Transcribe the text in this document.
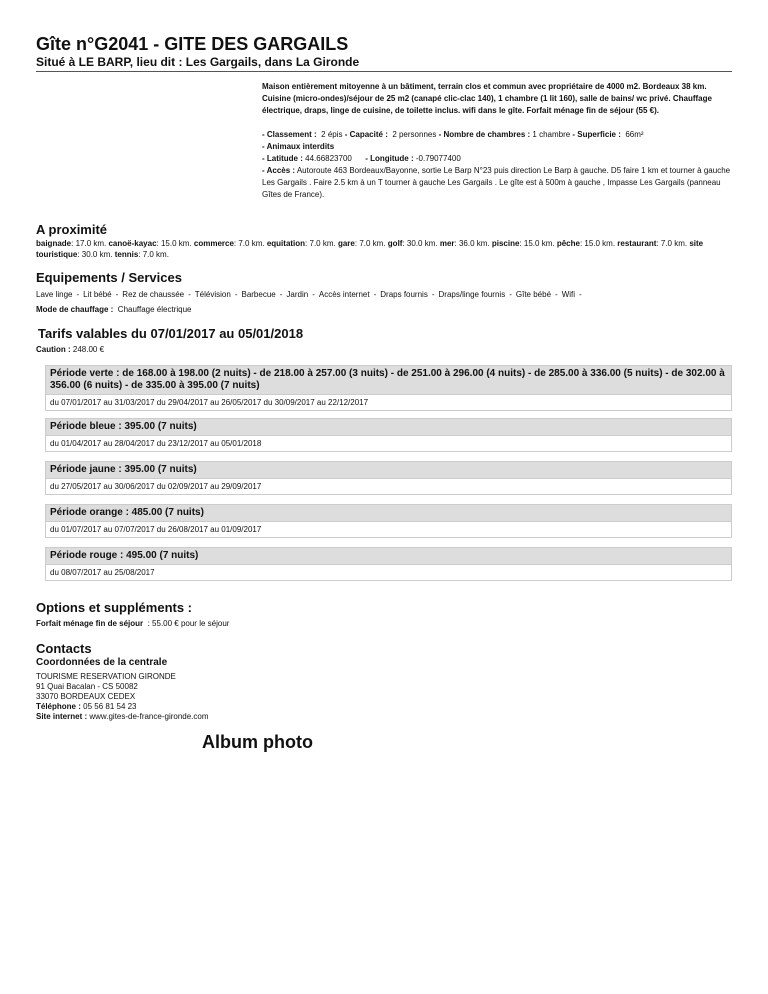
Gîte n°G2041 - GITE DES GARGAILS

Situé à LE BARP, lieu dit : Les Gargails, dans La Gironde

Maison entièrement mitoyenne à un bâtiment, terrain clos et commun avec propriétaire de 4000 m2. Bordeaux 38 km. Cuisine (micro-ondes)/séjour de 25 m2 (canapé clic-clac 140), 1 chambre (1 lit 160), salle de bains/ wc privé. Chauffage électrique, draps, linge de cuisine, de toilette inclus. wifi dans le gîte. Forfait ménage fin de séjour (55 €).

- Classement : 2 épis - Capacité : 2 personnes - Nombre de chambres : 1 chambre - Superficie : 66m²
- Animaux interdits
- Latitude : 44.66823700 - Longitude : -0.79077400
- Accès : Autoroute 463 Bordeaux/Bayonne, sortie Le Barp N°23 puis direction Le Barp à gauche. D5 faire 1 km et tourner à gauche Les Gargails . Faire 2.5 km à un T tourner à gauche Les Gargails . Le gîte est à 500m à gauche , Impasse Les Gargails (panneau Gîtes de France).

A proximité
baignade: 17.0 km. canoë-kayac: 15.0 km. commerce: 7.0 km. equitation: 7.0 km. gare: 7.0 km. golf: 30.0 km. mer: 36.0 km. piscine: 15.0 km. pêche: 15.0 km. restaurant: 7.0 km. site touristique: 30.0 km. tennis: 7.0 km.
Equipements / Services
Lave linge - Lit bébé - Rez de chaussée - Télévision - Barbecue - Jardin - Accès internet - Draps fournis - Draps/linge fournis - Gîte bébé - Wifi -
Mode de chauffage : Chauffage électrique
Tarifs valables du 07/01/2017 au 05/01/2018
Caution : 248.00 €
Période verte : de 168.00 à 198.00 (2 nuits) - de 218.00 à 257.00 (3 nuits) - de 251.00 à 296.00 (4 nuits) - de 285.00 à 336.00 (5 nuits) - de 302.00 à 356.00 (6 nuits) - de 335.00 à 395.00 (7 nuits)
du 07/01/2017 au 31/03/2017 du 29/04/2017 au 26/05/2017 du 30/09/2017 au 22/12/2017
Période bleue : 395.00 (7 nuits)
du 01/04/2017 au 28/04/2017 du 23/12/2017 au 05/01/2018
Période jaune : 395.00 (7 nuits)
du 27/05/2017 au 30/06/2017 du 02/09/2017 au 29/09/2017
Période orange : 485.00 (7 nuits)
du 01/07/2017 au 07/07/2017 du 26/08/2017 au 01/09/2017
Période rouge : 495.00 (7 nuits)
du 08/07/2017 au 25/08/2017
Options et suppléments :
Forfait ménage fin de séjour : 55.00 € pour le séjour
Contacts
Coordonnées de la centrale
TOURISME RESERVATION GIRONDE
91 Quai Bacalan - CS 50082
33070 BORDEAUX CEDEX
Téléphone : 05 56 81 54 23
Site internet : www.gites-de-france-gironde.com
Album photo
